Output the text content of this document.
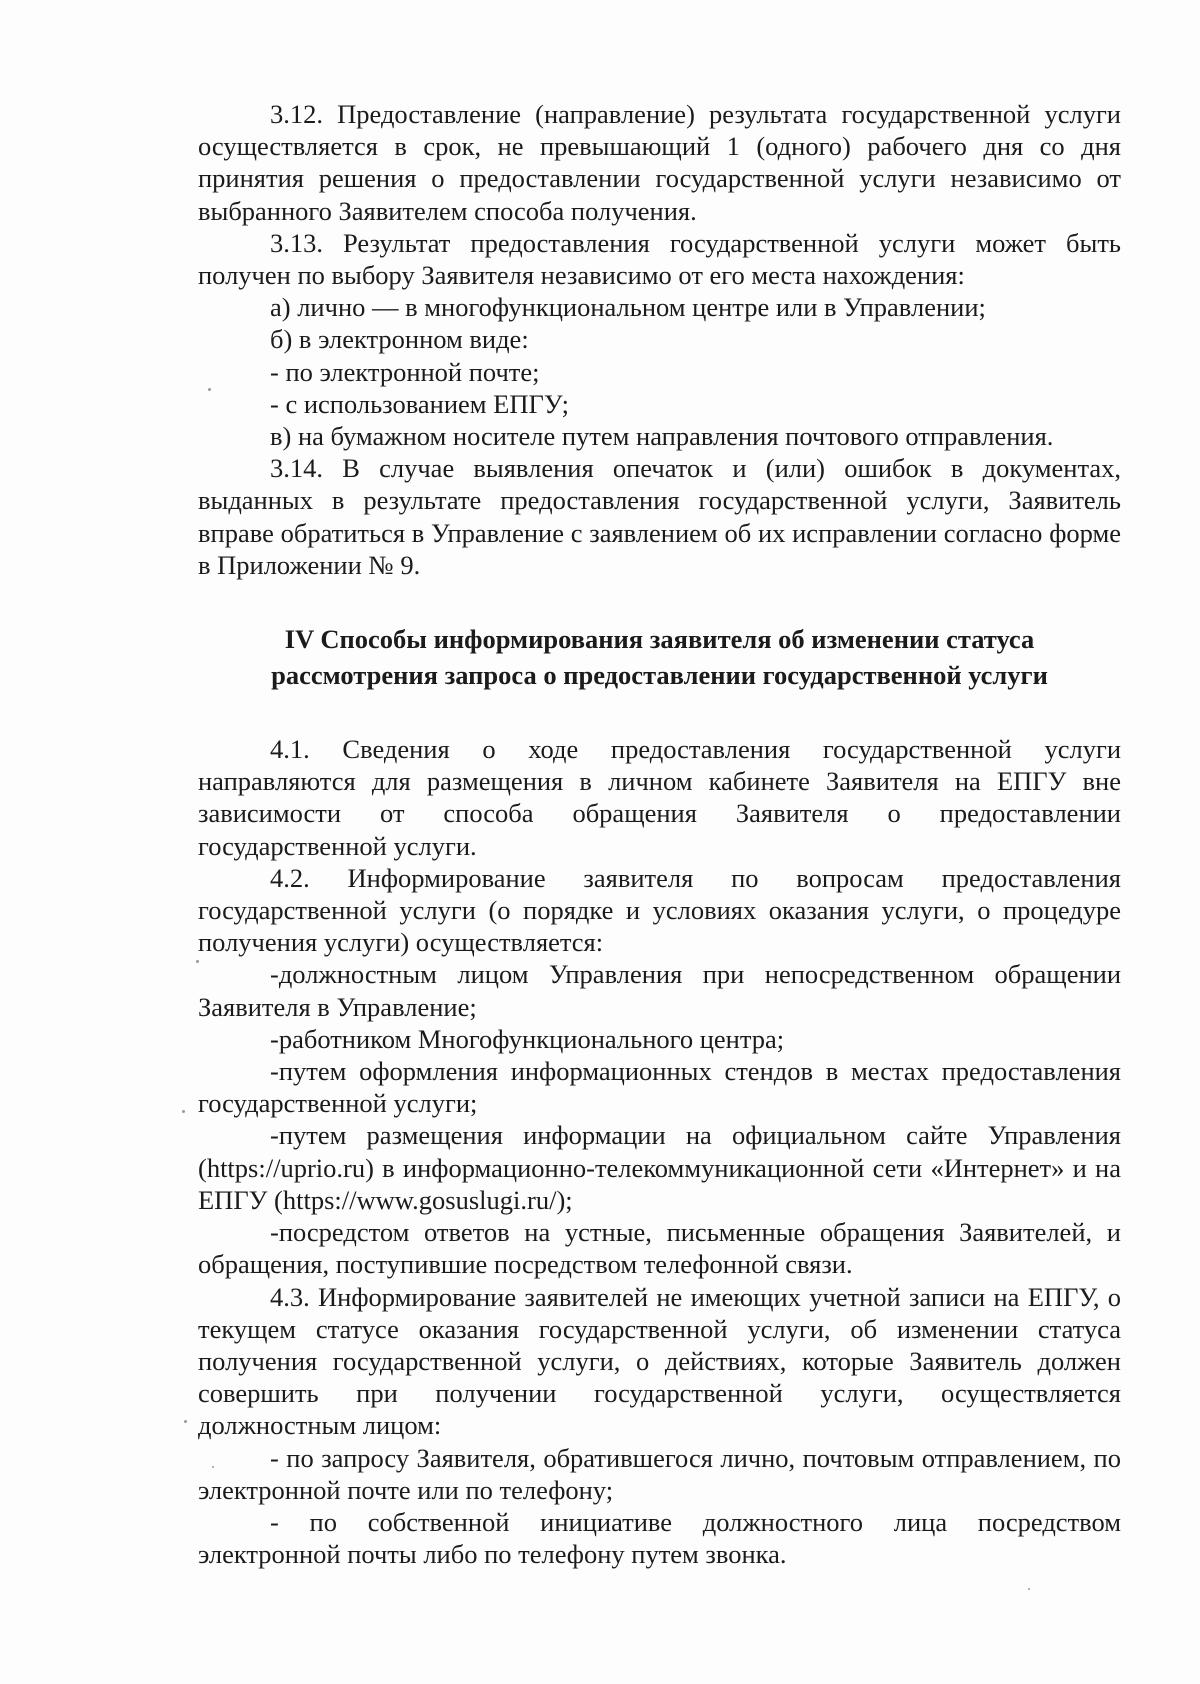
3.12. Предоставление (направление) результата государственной услуги осуществляется в срок, не превышающий 1 (одного) рабочего дня со дня принятия решения о предоставлении государственной услуги независимо от выбранного Заявителем способа получения.

3.13. Результат предоставления государственной услуги может быть получен по выбору Заявителя независимо от его места нахождения:

а) лично — в многофункциональном центре или в Управлении;

б) в электронном виде:

- по электронной почте;

- с использованием ЕПГУ;

в) на бумажном носителе путем направления почтового отправления.

3.14. В случае выявления опечаток и (или) ошибок в документах, выданных в результате предоставления государственной услуги, Заявитель вправе обратиться в Управление с заявлением об их исправлении согласно форме в Приложении № 9.

IV Способы информирования заявителя об изменении статуса
рассмотрения запроса о предоставлении государственной услуги

4.1. Сведения о ходе предоставления государственной услуги направляются для размещения в личном кабинете Заявителя на ЕПГУ вне зависимости от способа обращения Заявителя о предоставлении государственной услуги.

4.2. Информирование заявителя по вопросам предоставления государственной услуги (о порядке и условиях оказания услуги, о процедуре получения услуги) осуществляется:

-должностным лицом Управления при непосредственном обращении Заявителя в Управление;

-работником Многофункционального центра;

-путем оформления информационных стендов в местах предоставления государственной услуги;

-путем размещения информации на официальном сайте Управления (https://uprio.ru) в информационно-телекоммуникационной сети «Интернет» и на ЕПГУ (https://www.gosuslugi.ru/);

-посредстом ответов на устные, письменные обращения Заявителей, и обращения, поступившие посредством телефонной связи.

4.3. Информирование заявителей не имеющих учетной записи на ЕПГУ, о текущем статусе оказания государственной услуги, об изменении статуса получения государственной услуги, о действиях, которые Заявитель должен совершить при получении государственной услуги, осуществляется должностным лицом:

- по запросу Заявителя, обратившегося лично, почтовым отправлением, по электронной почте или по телефону;

- по собственной инициативе должностного лица посредством электронной почты либо по телефону путем звонка.
